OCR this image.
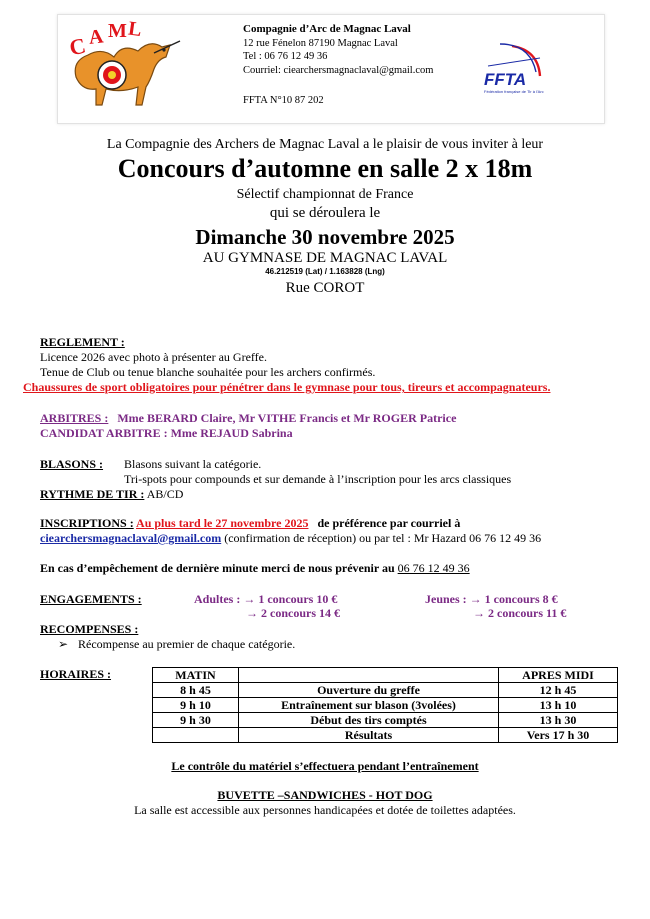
C A M L	Compagnie d’Arc de Magnac Laval
12 rue Fénelon 87190 Magnac Laval
Tel : 06 76 12 49 36
Courriel: ciearchersmagnaclaval@gmail.com
FFTA N°10 87 202
FFTA
Fédération française de Tir à l'Arc
La Compagnie des Archers de Magnac Laval a le plaisir de vous inviter à leur
Concours d’automne en salle 2 x 18m
Sélectif championnat de France
qui se déroulera le
Dimanche 30 novembre 2025
AU GYMNASE DE MAGNAC LAVAL
46.212519 (Lat) / 1.163828 (Lng)
Rue COROT
REGLEMENT :
Licence 2026 avec photo à présenter au Greffe.
Tenue de Club ou tenue blanche souhaitée pour les archers confirmés.
Chaussures de sport obligatoires pour pénétrer dans le gymnase pour tous, tireurs et accompagnateurs.
ARBITRES : Mme BERARD Claire, Mr VITHE Francis et Mr ROGER Patrice
CANDIDAT ARBITRE : Mme REJAUD Sabrina
BLASONS : Blasons suivant la catégorie.
Tri-spots pour compounds et sur demande à l’inscription pour les arcs classiques
RYTHME DE TIR : AB/CD
INSCRIPTIONS : Au plus tard le 27 novembre 2025 de préférence par courriel à
ciearchersmagnaclaval@gmail.com (confirmation de réception) ou par tel : Mr Hazard 06 76 12 49 36
En cas d’empêchement de dernière minute merci de nous prévenir au 06 76 12 49 36
ENGAGEMENTS :	Adultes : → 1 concours 10 €
→ 2 concours 14 €
Jeunes : → 1 concours 8 €
→ 2 concours 11 €
RECOMPENSES :
➢ Récompense au premier de chaque catégorie.
HORAIRES :	MATIN		APRES MIDI
8 h 45	Ouverture du greffe	12 h 45
9 h 10	Entraînement sur blason (3volées)	13 h 10
9 h 30	Début des tirs comptés	13 h 30
	Résultats	Vers 17 h 30
Le contrôle du matériel s’effectuera pendant l’entraînement
BUVETTE –SANDWICHES - HOT DOG
La salle est accessible aux personnes handicapées et dotée de toilettes adaptées.
